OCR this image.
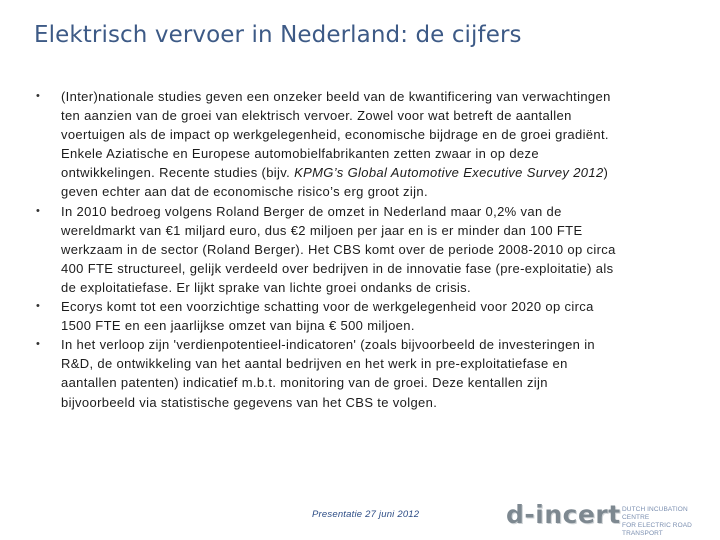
Elektrisch vervoer in Nederland: de cijfers
• (Inter)nationale studies geven een onzeker beeld van de kwantificering van verwachtingen ten aanzien van de groei van elektrisch vervoer. Zowel voor wat betreft de aantallen voertuigen als de impact op werkgelegenheid, economische bijdrage en de groei gradiënt. Enkele Aziatische en Europese automobielfabrikanten zetten zwaar in op deze ontwikkelingen. Recente studies (bijv. KPMG’s Global Automotive Executive Survey 2012) geven echter aan dat de economische risico’s erg groot zijn.
• In 2010 bedroeg volgens Roland Berger de omzet in Nederland maar 0,2% van de wereldmarkt van €1 miljard euro, dus €2 miljoen per jaar en is er minder dan 100 FTE werkzaam in de sector (Roland Berger). Het CBS komt over de periode 2008-2010 op circa 400 FTE structureel, gelijk verdeeld over bedrijven in de innovatie fase (pre-exploitatie) als de exploitatiefase. Er lijkt sprake van lichte groei ondanks de crisis.
• Ecorys komt tot een voorzichtige schatting voor de werkgelegenheid voor 2020 op circa 1500 FTE en een jaarlijkse omzet van bijna € 500 miljoen.
• In het verloop zijn 'verdienpotentieel-indicatoren' (zoals bijvoorbeeld de investeringen in R&D, de ontwikkeling van het aantal bedrijven en het werk in pre-exploitatiefase en aantallen patenten) indicatief m.b.t. monitoring van de groei. Deze kentallen zijn bijvoorbeeld via statistische gegevens van het CBS te volgen.
Presentatie 27 juni 2012	d-incert DUTCH INCUBATION CENTRE
FOR ELECTRIC ROAD TRANSPORT
